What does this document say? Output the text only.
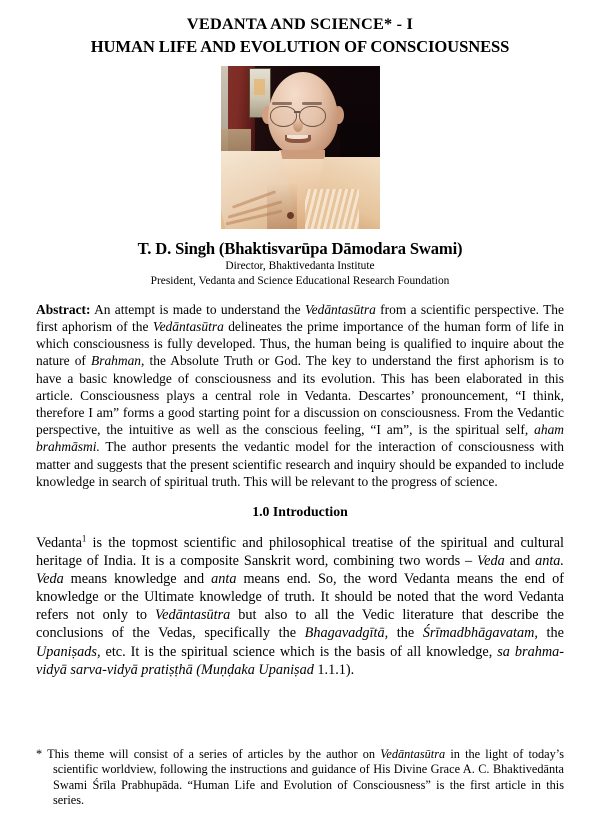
VEDANTA AND SCIENCE* - I
HUMAN LIFE AND EVOLUTION OF CONSCIOUSNESS
T. D. Singh (Bhaktisvarūpa Dāmodara Swami)
Director, Bhaktivedanta Institute
President, Vedanta and Science Educational Research Foundation

Abstract: An attempt is made to understand the Vedāntasūtra from a scientific perspective. The first aphorism of the Vedāntasūtra delineates the prime importance of the human form of life in which consciousness is fully developed. Thus, the human being is qualified to inquire about the nature of Brahman, the Absolute Truth or God. The key to understand the first aphorism is to have a basic knowledge of consciousness and its evolution. This has been elaborated in this article. Consciousness plays a central role in Vedanta. Descartes’ pronouncement, “I think, therefore I am” forms a good starting point for a discussion on consciousness. From the Vedantic perspective, the intuitive as well as the conscious feeling, “I am”, is the spiritual self, aham brahmāsmi. The author presents the vedantic model for the interaction of consciousness with matter and suggests that the present scientific research and inquiry should be expanded to include knowledge in search of spiritual truth. This will be relevant to the progress of science.

1.0 Introduction

Vedanta$^1$ is the topmost scientific and philosophical treatise of the spiritual and cultural heritage of India. It is a composite Sanskrit word, combining two words – Veda and anta. Veda means knowledge and anta means end. So, the word Vedanta means the end of knowledge or the Ultimate knowledge of truth. It should be noted that the word Vedanta refers not only to Vedāntasūtra but also to all the Vedic literature that describe the conclusions of the Vedas, specifically the Bhagavadgītā, the Śrīmadbhāgavatam, the Upaniṣads, etc. It is the spiritual science which is the basis of all knowledge, sa brahma-vidyā sarva-vidyā pratiṣṭhā (Muṇḍaka Upaniṣad 1.1.1).

* This theme will consist of a series of articles by the author on Vedāntasūtra in the light of today’s scientific worldview, following the instructions and guidance of His Divine Grace A. C. Bhaktivedānta Swami Śrīla Prabhupāda. “Human Life and Evolution of Consciousness” is the first article in this series.
